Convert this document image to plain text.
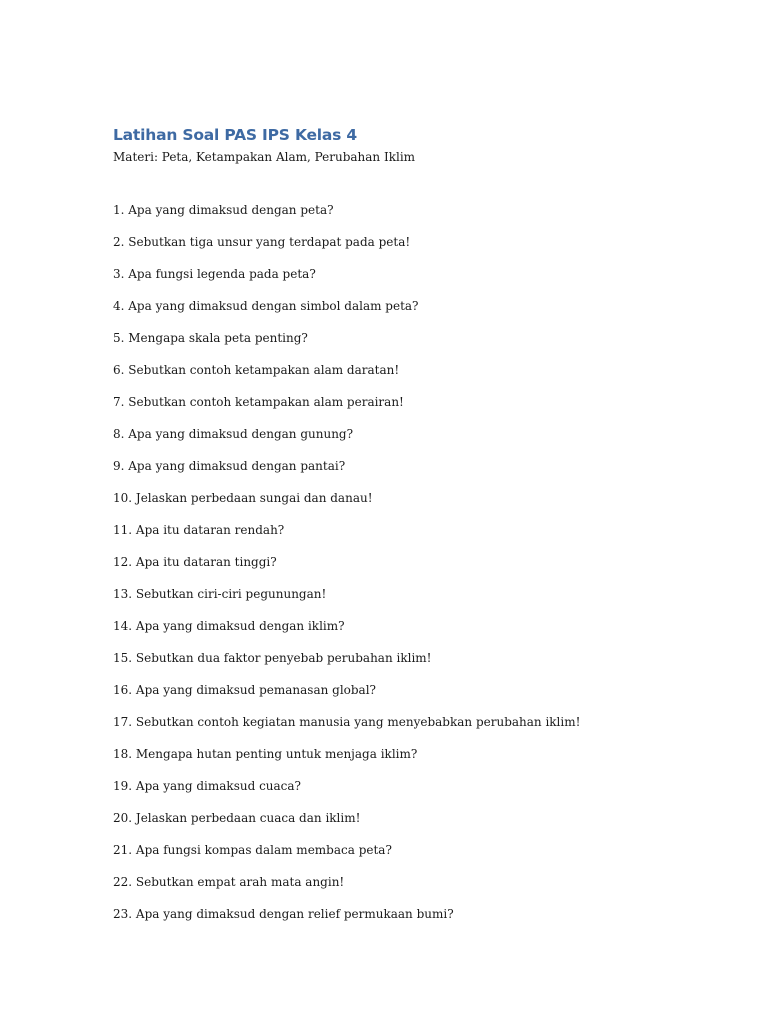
Latihan Soal PAS IPS Kelas 4

Materi: Peta, Ketampakan Alam, Perubahan Iklim

1. Apa yang dimaksud dengan peta?
2. Sebutkan tiga unsur yang terdapat pada peta!
3. Apa fungsi legenda pada peta?
4. Apa yang dimaksud dengan simbol dalam peta?
5. Mengapa skala peta penting?
6. Sebutkan contoh ketampakan alam daratan!
7. Sebutkan contoh ketampakan alam perairan!
8. Apa yang dimaksud dengan gunung?
9. Apa yang dimaksud dengan pantai?
10. Jelaskan perbedaan sungai dan danau!
11. Apa itu dataran rendah?
12. Apa itu dataran tinggi?
13. Sebutkan ciri-ciri pegunungan!
14. Apa yang dimaksud dengan iklim?
15. Sebutkan dua faktor penyebab perubahan iklim!
16. Apa yang dimaksud pemanasan global?
17. Sebutkan contoh kegiatan manusia yang menyebabkan perubahan iklim!
18. Mengapa hutan penting untuk menjaga iklim?
19. Apa yang dimaksud cuaca?
20. Jelaskan perbedaan cuaca dan iklim!
21. Apa fungsi kompas dalam membaca peta?
22. Sebutkan empat arah mata angin!
23. Apa yang dimaksud dengan relief permukaan bumi?
